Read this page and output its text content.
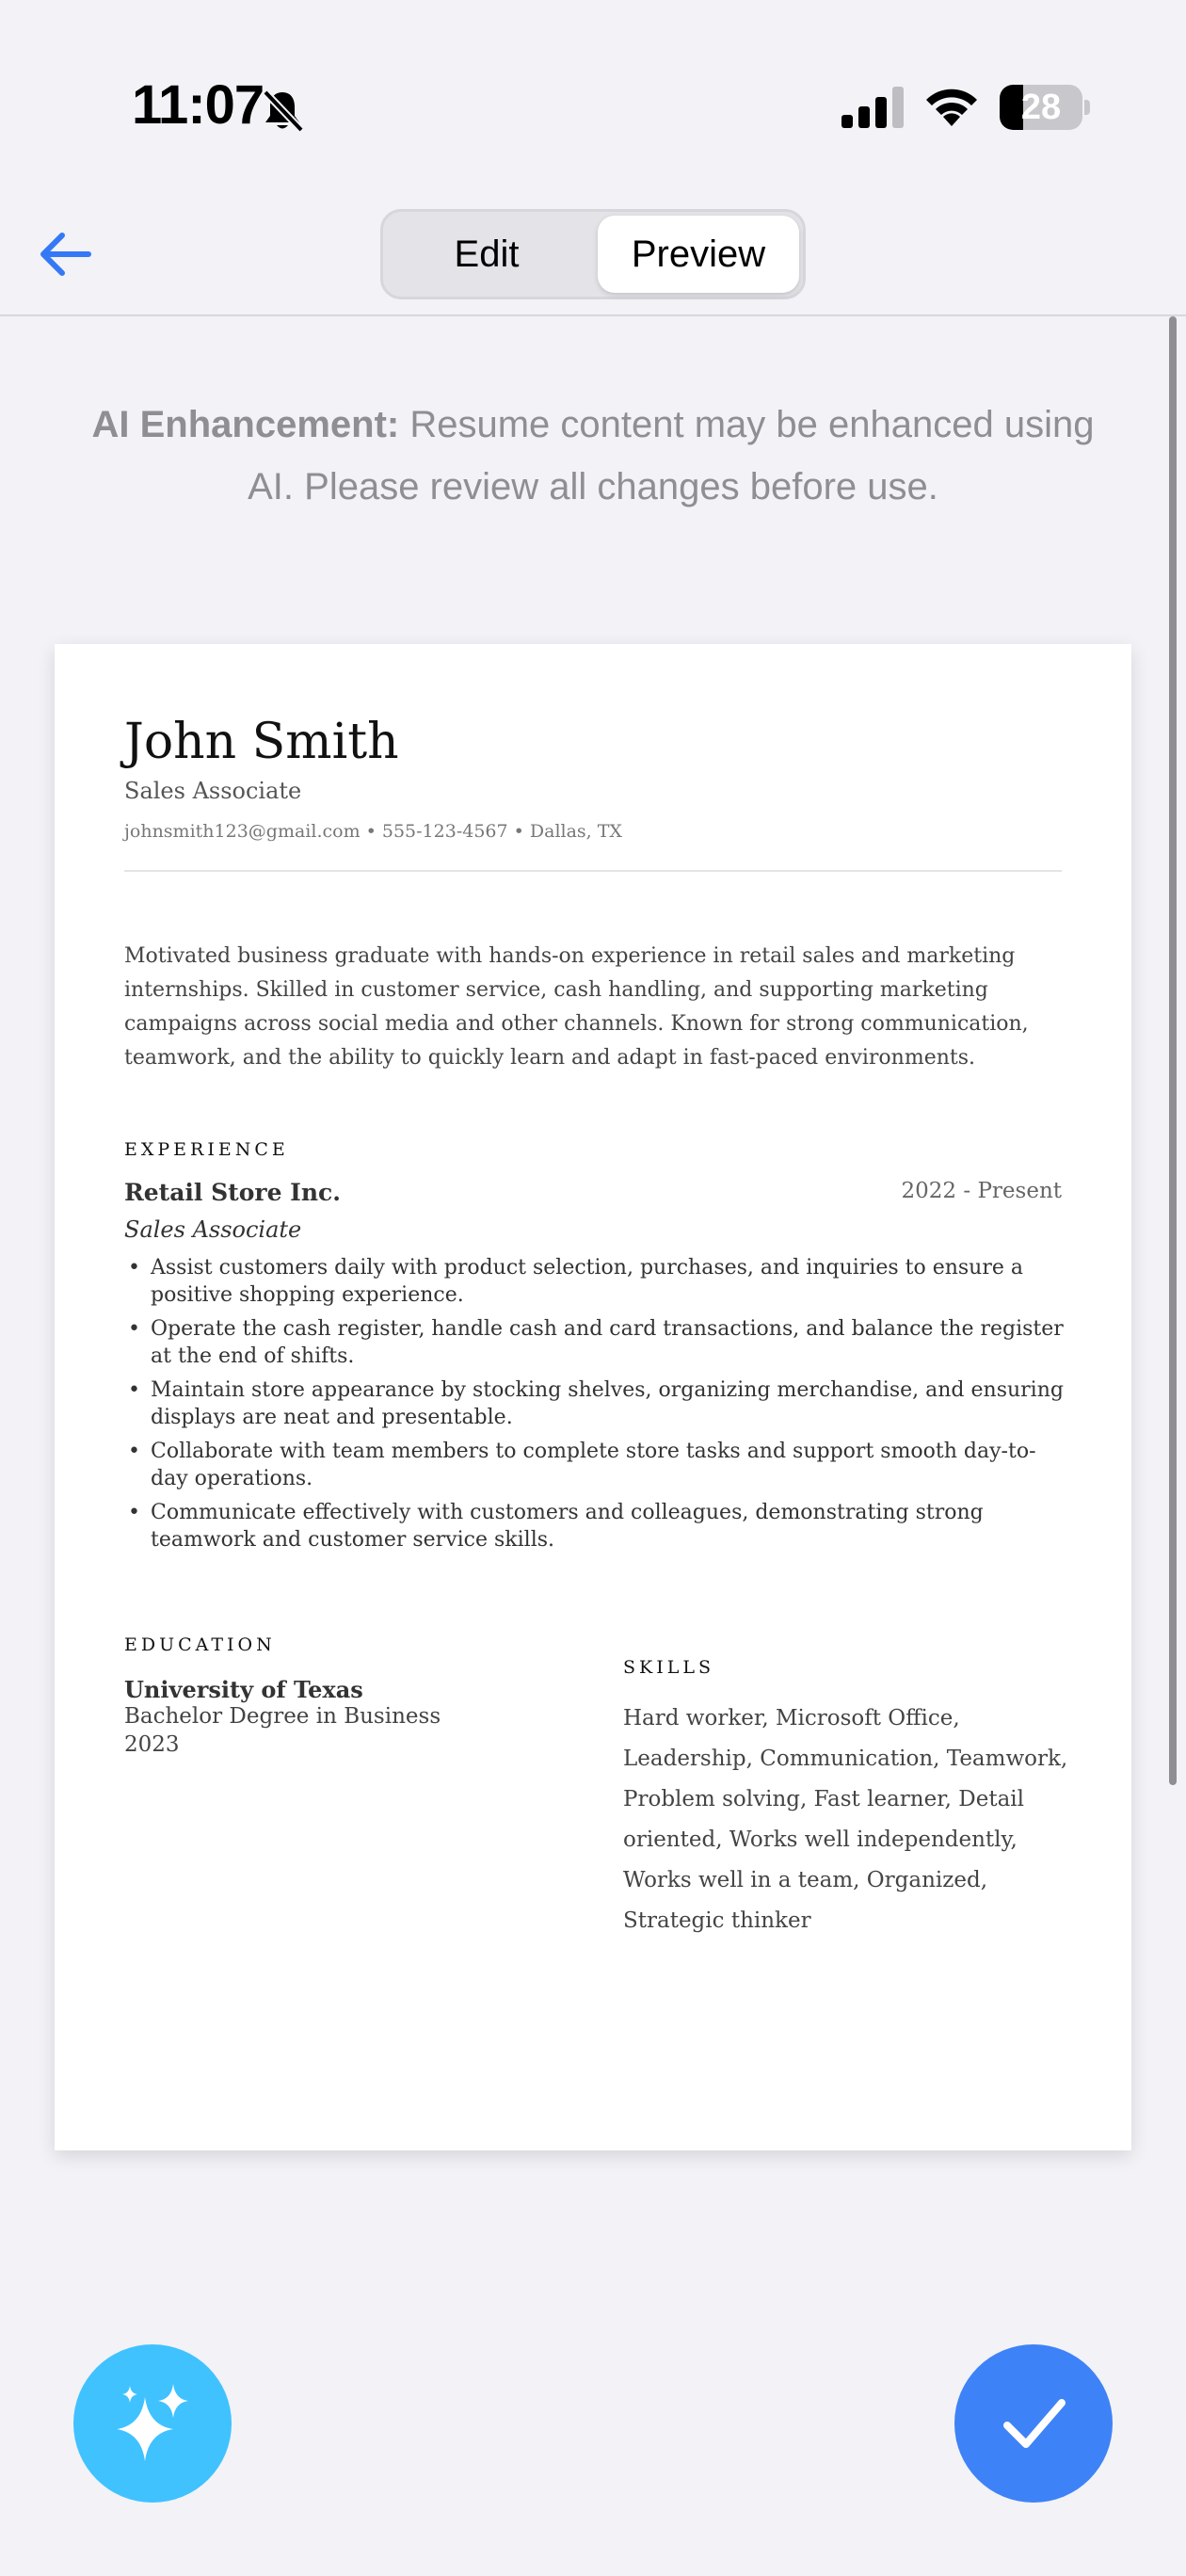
11:07	28
Edit	Preview
AI Enhancement: Resume content may be enhanced using AI. Please review all changes before use.
John Smith
Sales Associate
johnsmith123@gmail.com • 555-123-4567 • Dallas, TX
Motivated business graduate with hands-on experience in retail sales and marketing internships. Skilled in customer service, cash handling, and supporting marketing campaigns across social media and other channels. Known for strong communication, teamwork, and the ability to quickly learn and adapt in fast-paced environments.
EXPERIENCE
Retail Store Inc.	2022 - Present
Sales Associate
• Assist customers daily with product selection, purchases, and inquiries to ensure a positive shopping experience.
• Operate the cash register, handle cash and card transactions, and balance the register at the end of shifts.
• Maintain store appearance by stocking shelves, organizing merchandise, and ensuring displays are neat and presentable.
• Collaborate with team members to complete store tasks and support smooth day-to-day operations.
• Communicate effectively with customers and colleagues, demonstrating strong teamwork and customer service skills.
EDUCATION
University of Texas
Bachelor Degree in Business
2023
SKILLS
Hard worker, Microsoft Office, Leadership, Communication, Teamwork, Problem solving, Fast learner, Detail oriented, Works well independently, Works well in a team, Organized, Strategic thinker
